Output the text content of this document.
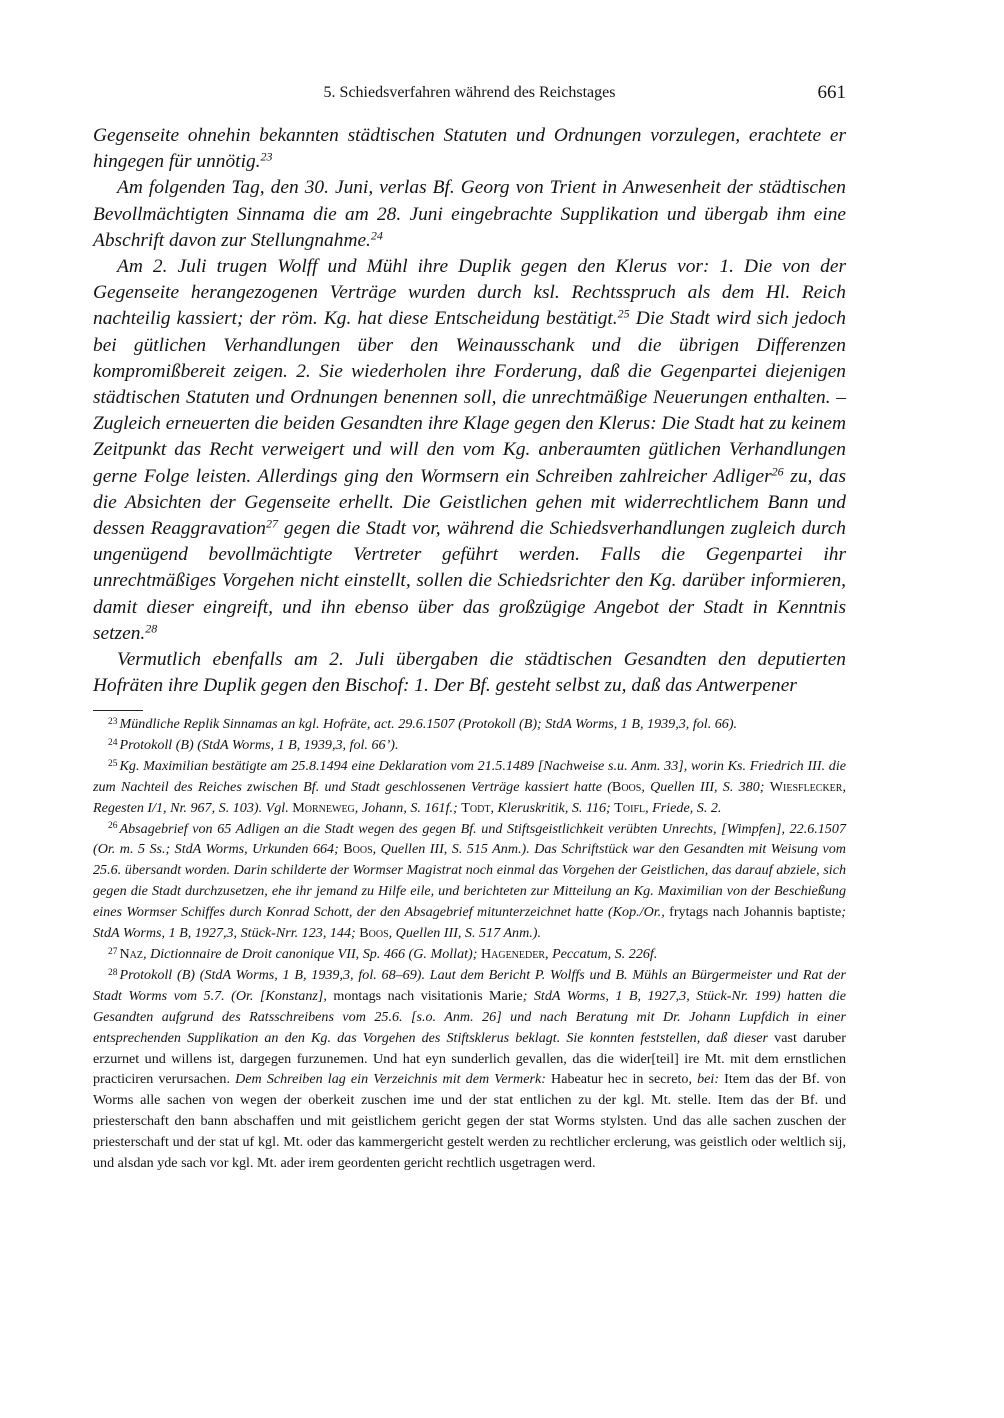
5. Schiedsverfahren während des Reichstages	661

Gegenseite ohnehin bekannten städtischen Statuten und Ordnungen vorzulegen, erachtete er hingegen für unnötig.$^{23}$

Am folgenden Tag, den 30. Juni, verlas Bf. Georg von Trient in Anwesenheit der städtischen Bevollmächtigten Sinnama die am 28. Juni eingebrachte Supplikation und übergab ihm eine Abschrift davon zur Stellungnahme.$^{24}$

Am 2. Juli trugen Wolff und Mühl ihre Duplik gegen den Klerus vor: 1. Die von der Gegenseite herangezogenen Verträge wurden durch ksl. Rechtsspruch als dem Hl. Reich nachteilig kassiert; der röm. Kg. hat diese Entscheidung bestätigt.$^{25}$ Die Stadt wird sich jedoch bei gütlichen Verhandlungen über den Weinausschank und die übrigen Differenzen kompromißbereit zeigen. 2. Sie wiederholen ihre Forderung, daß die Gegenpartei diejenigen städtischen Statuten und Ordnungen benennen soll, die unrechtmäßige Neuerungen enthalten. – Zugleich erneuerten die beiden Gesandten ihre Klage gegen den Klerus: Die Stadt hat zu keinem Zeitpunkt das Recht verweigert und will den vom Kg. anberaumten gütlichen Verhandlungen gerne Folge leisten. Allerdings ging den Wormsern ein Schreiben zahlreicher Adliger$^{26}$ zu, das die Absichten der Gegenseite erhellt. Die Geistlichen gehen mit widerrechtlichem Bann und dessen Reaggravation$^{27}$ gegen die Stadt vor, während die Schiedsverhandlungen zugleich durch ungenügend bevollmächtigte Vertreter geführt werden. Falls die Gegenpartei ihr unrechtmäßiges Vorgehen nicht einstellt, sollen die Schiedsrichter den Kg. darüber informieren, damit dieser eingreift, und ihn ebenso über das großzügige Angebot der Stadt in Kenntnis setzen.$^{28}$

Vermutlich ebenfalls am 2. Juli übergaben die städtischen Gesandten den deputierten Hofräten ihre Duplik gegen den Bischof: 1. Der Bf. gesteht selbst zu, daß das Antwerpener

$^{23}$ Mündliche Replik Sinnamas an kgl. Hofräte, act. 29.6.1507 (Protokoll (B); StdA Worms, 1 B, 1939,3, fol. 66).

$^{24}$ Protokoll (B) (StdA Worms, 1 B, 1939,3, fol. 66’).

$^{25}$ Kg. Maximilian bestätigte am 25.8.1494 eine Deklaration vom 21.5.1489 [Nachweise s.u. Anm. 33], worin Ks. Friedrich III. die zum Nachteil des Reiches zwischen Bf. und Stadt geschlossenen Verträge kassiert hatte (Boos, Quellen III, S. 380; Wiesflecker, Regesten I/1, Nr. 967, S. 103). Vgl. Morneweg, Johann, S. 161f.; Todt, Kleruskritik, S. 116; Toifl, Friede, S. 2.

$^{26}$ Absagebrief von 65 Adligen an die Stadt wegen des gegen Bf. und Stiftsgeistlichkeit verübten Unrechts, [Wimpfen], 22.6.1507 (Or. m. 5 Ss.; StdA Worms, Urkunden 664; Boos, Quellen III, S. 515 Anm.). Das Schriftstück war den Gesandten mit Weisung vom 25.6. übersandt worden. Darin schilderte der Wormser Magistrat noch einmal das Vorgehen der Geistlichen, das darauf abziele, sich gegen die Stadt durchzusetzen, ehe ihr jemand zu Hilfe eile, und berichteten zur Mitteilung an Kg. Maximilian von der Beschießung eines Wormser Schiffes durch Konrad Schott, der den Absagebrief mitunterzeichnet hatte (Kop./Or., frytags nach Johannis baptiste; StdA Worms, 1 B, 1927,3, Stück-Nrr. 123, 144; Boos, Quellen III, S. 517 Anm.).

$^{27}$ Naz, Dictionnaire de Droit canonique VII, Sp. 466 (G. Mollat); Hageneder, Peccatum, S. 226f.

$^{28}$ Protokoll (B) (StdA Worms, 1 B, 1939,3, fol. 68–69). Laut dem Bericht P. Wolffs und B. Mühls an Bürgermeister und Rat der Stadt Worms vom 5.7. (Or. [Konstanz], montags nach visitationis Marie; StdA Worms, 1 B, 1927,3, Stück-Nr. 199) hatten die Gesandten aufgrund des Ratsschreibens vom 25.6. [s.o. Anm. 26] und nach Beratung mit Dr. Johann Lupfdich in einer entsprechenden Supplikation an den Kg. das Vorgehen des Stiftsklerus beklagt. Sie konnten feststellen, daß dieser vast daruber erzurnet und willens ist, dargegen furzunemen. Und hat eyn sunderlich gevallen, das die wider[teil] ire Mt. mit dem ernstlichen practiciren verursachen. Dem Schreiben lag ein Verzeichnis mit dem Vermerk: Habeatur hec in secreto, bei: Item das der Bf. von Worms alle sachen von wegen der oberkeit zuschen ime und der stat entlichen zu der kgl. Mt. stelle. Item das der Bf. und priesterschaft den bann abschaffen und mit geistlichem gericht gegen der stat Worms stylsten. Und das alle sachen zuschen der priesterschaft und der stat uf kgl. Mt. oder das kammergericht gestelt werden zu rechtlicher erclerung, was geistlich oder weltlich sij, und alsdan yde sach vor kgl. Mt. ader irem geordenten gericht rechtlich usgetragen werd.
